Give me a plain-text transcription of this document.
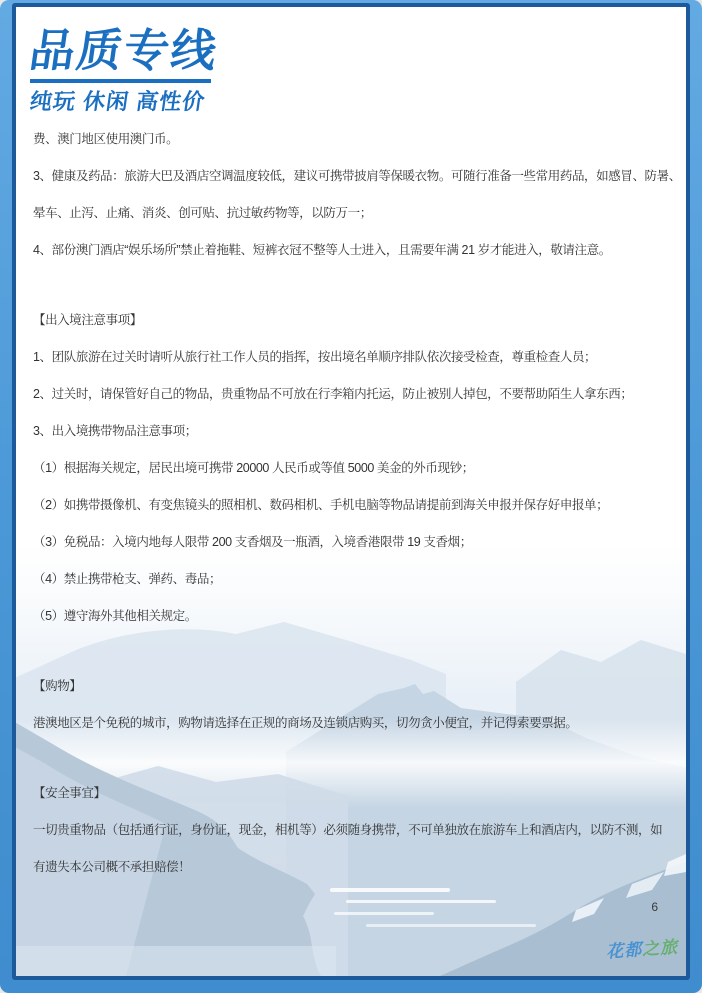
品质专线
纯玩 休闲 高性价
费、澳门地区使用澳门币。
3、健康及药品：旅游大巴及酒店空调温度较低，建议可携带披肩等保暖衣物。可随行准备一些常用药品，如感冒、防暑、
晕车、止泻、止痛、消炎、创可贴、抗过敏药物等，以防万一；
4、部份澳门酒店“娱乐场所”禁止着拖鞋、短裤衣冠不整等人士进入，且需要年满 21 岁才能进入，敬请注意。
【出入境注意事项】
1、团队旅游在过关时请听从旅行社工作人员的指挥，按出境名单顺序排队依次接受检查，尊重检查人员；
2、过关时，请保管好自己的物品，贵重物品不可放在行李箱内托运，防止被别人掉包，不要帮助陌生人拿东西；
3、出入境携带物品注意事项；
（1）根据海关规定，居民出境可携带 20000 人民币或等值 5000 美金的外币现钞；
（2）如携带摄像机、有变焦镜头的照相机、数码相机、手机电脑等物品请提前到海关申报并保存好申报单；
（3）免税品：入境内地每人限带 200 支香烟及一瓶酒，入境香港限带 19 支香烟；
（4）禁止携带枪支、弹药、毒品；
（5）遵守海外其他相关规定。
【购物】
港澳地区是个免税的城市，购物请选择在正规的商场及连锁店购买，切勿贪小便宜，并记得索要票据。
【安全事宜】
一切贵重物品（包括通行证，身份证，现金，相机等）必须随身携带，不可单独放在旅游车上和酒店内，以防不测，如
有遗失本公司概不承担赔偿！
6
花都之旅
